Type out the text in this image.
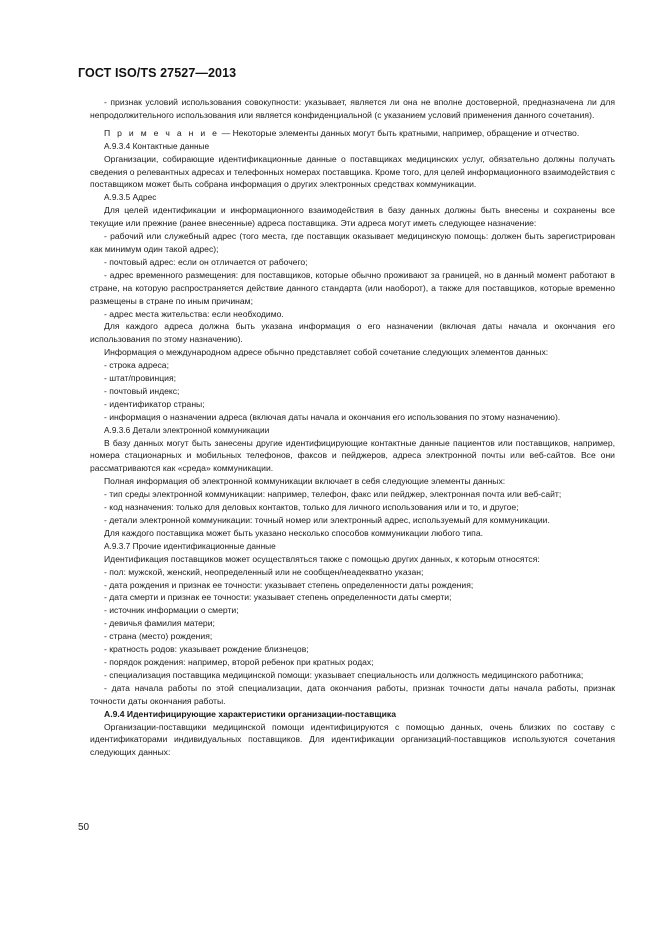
ГОСТ ISO/TS 27527—2013

- признак условий использования совокупности: указывает, является ли она не вполне достоверной, предназначена ли для непродолжительного использования или является конфиденциальной (с указанием условий применения данного сочетания).

П р и м е ч а н и е — Некоторые элементы данных могут быть кратными, например, обращение и отчество.

А.9.3.4 Контактные данные

Организации, собирающие идентификационные данные о поставщиках медицинских услуг, обязательно должны получать сведения о релевантных адресах и телефонных номерах поставщика. Кроме того, для целей информационного взаимодействия с поставщиком может быть собрана информация о других электронных средствах коммуникации.

А.9.3.5 Адрес

Для целей идентификации и информационного взаимодействия в базу данных должны быть внесены и сохранены все текущие или прежние (ранее внесенные) адреса поставщика. Эти адреса могут иметь следующее назначение:

- рабочий или служебный адрес (того места, где поставщик оказывает медицинскую помощь: должен быть зарегистрирован как минимум один такой адрес);

- почтовый адрес: если он отличается от рабочего;

- адрес временного размещения: для поставщиков, которые обычно проживают за границей, но в данный момент работают в стране, на которую распространяется действие данного стандарта (или наоборот), а также для поставщиков, которые временно размещены в стране по иным причинам;

- адрес места жительства: если необходимо.

Для каждого адреса должна быть указана информация о его назначении (включая даты начала и окончания его использования по этому назначению).

Информация о международном адресе обычно представляет собой сочетание следующих элементов данных:

- строка адреса;

- штат/провинция;

- почтовый индекс;

- идентификатор страны;

- информация о назначении адреса (включая даты начала и окончания его использования по этому назначению).

А.9.3.6 Детали электронной коммуникации

В базу данных могут быть занесены другие идентифицирующие контактные данные пациентов или поставщиков, например, номера стационарных и мобильных телефонов, факсов и пейджеров, адреса электронной почты или веб-сайтов. Все они рассматриваются как «среда» коммуникации.

Полная информация об электронной коммуникации включает в себя следующие элементы данных:

- тип среды электронной коммуникации: например, телефон, факс или пейджер, электронная почта или веб-сайт;

- код назначения: только для деловых контактов, только для личного использования или и то, и другое;

- детали электронной коммуникации: точный номер или электронный адрес, используемый для коммуникации.

Для каждого поставщика может быть указано несколько способов коммуникации любого типа.

А.9.3.7 Прочие идентификационные данные

Идентификация поставщиков может осуществляться также с помощью других данных, к которым относятся:

- пол: мужской, женский, неопределенный или не сообщен/неадекватно указан;

- дата рождения и признак ее точности: указывает степень определенности даты рождения;

- дата смерти и признак ее точности: указывает степень определенности даты смерти;

- источник информации о смерти;

- девичья фамилия матери;

- страна (место) рождения;

- кратность родов: указывает рождение близнецов;

- порядок рождения: например, второй ребенок при кратных родах;

- специализация поставщика медицинской помощи: указывает специальность или должность медицинского работника;

- дата начала работы по этой специализации, дата окончания работы, признак точности даты начала работы, признак точности даты окончания работы.

А.9.4 Идентифицирующие характеристики организации-поставщика

Организации-поставщики медицинской помощи идентифицируются с помощью данных, очень близких по составу с идентификаторами индивидуальных поставщиков. Для идентификации организаций-поставщиков используются сочетания следующих данных:

50
